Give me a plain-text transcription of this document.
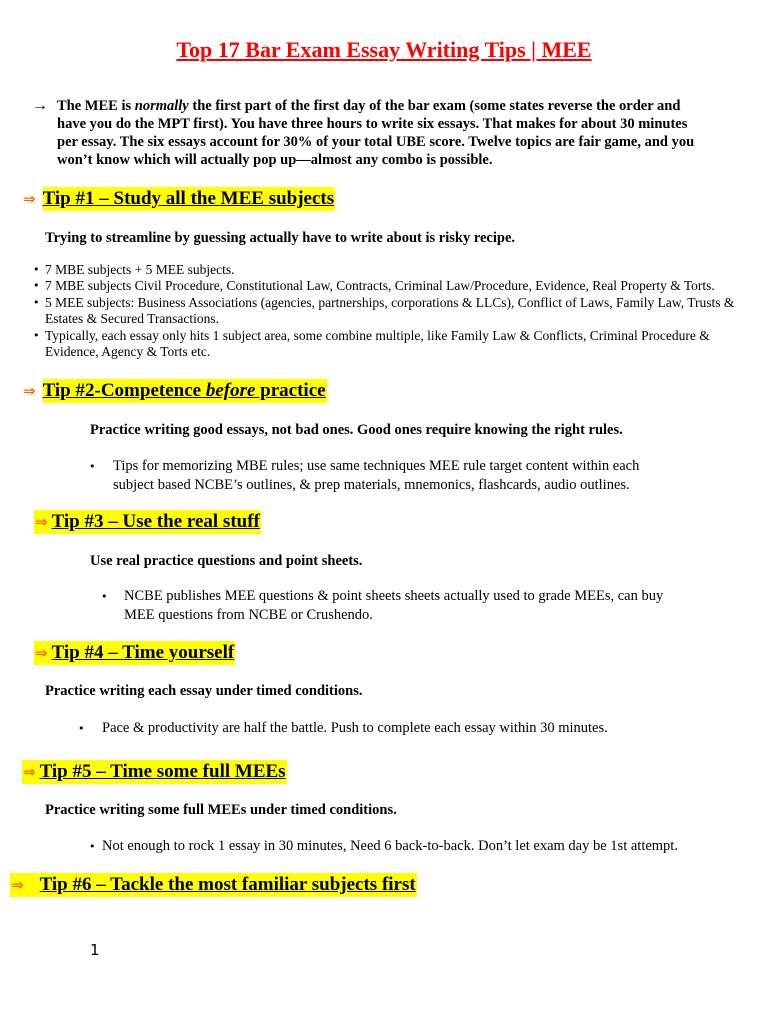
Top 17 Bar Exam Essay Writing Tips | MEE
→ The MEE is normally the first part of the first day of the bar exam (some states reverse the order and have you do the MPT first). You have three hours to write six essays. That makes for about 30 minutes per essay. The six essays account for 30% of your total UBE score. Twelve topics are fair game, and you won’t know which will actually pop up—almost any combo is possible.
⇒ Tip #1 – Study all the MEE subjects
Trying to streamline by guessing actually have to write about is risky recipe.
• 7 MBE subjects + 5 MEE subjects.
• 7 MBE subjects Civil Procedure, Constitutional Law, Contracts, Criminal Law/Procedure, Evidence, Real Property & Torts.
• 5 MEE subjects: Business Associations (agencies, partnerships, corporations & LLCs), Conflict of Laws, Family Law, Trusts & Estates & Secured Transactions.
• Typically, each essay only hits 1 subject area, some combine multiple, like Family Law & Conflicts, Criminal Procedure & Evidence, Agency & Torts etc.
⇒ Tip #2-Competence before practice
Practice writing good essays, not bad ones. Good ones require knowing the right rules.
• Tips for memorizing MBE rules; use same techniques MEE rule target content within each subject based NCBE’s outlines, & prep materials, mnemonics, flashcards, audio outlines.
⇒ Tip #3 – Use the real stuff
Use real practice questions and point sheets.
• NCBE publishes MEE questions & point sheets sheets actually used to grade MEEs, can buy MEE questions from NCBE or Crushendo.
⇒ Tip #4 – Time yourself
Practice writing each essay under timed conditions.
• Pace & productivity are half the battle. Push to complete each essay within 30 minutes.
⇒ Tip #5 – Time some full MEEs
Practice writing some full MEEs under timed conditions.
• Not enough to rock 1 essay in 30 minutes, Need 6 back-to-back. Don’t let exam day be 1st attempt.
⇒ Tip #6 – Tackle the most familiar subjects first
1
